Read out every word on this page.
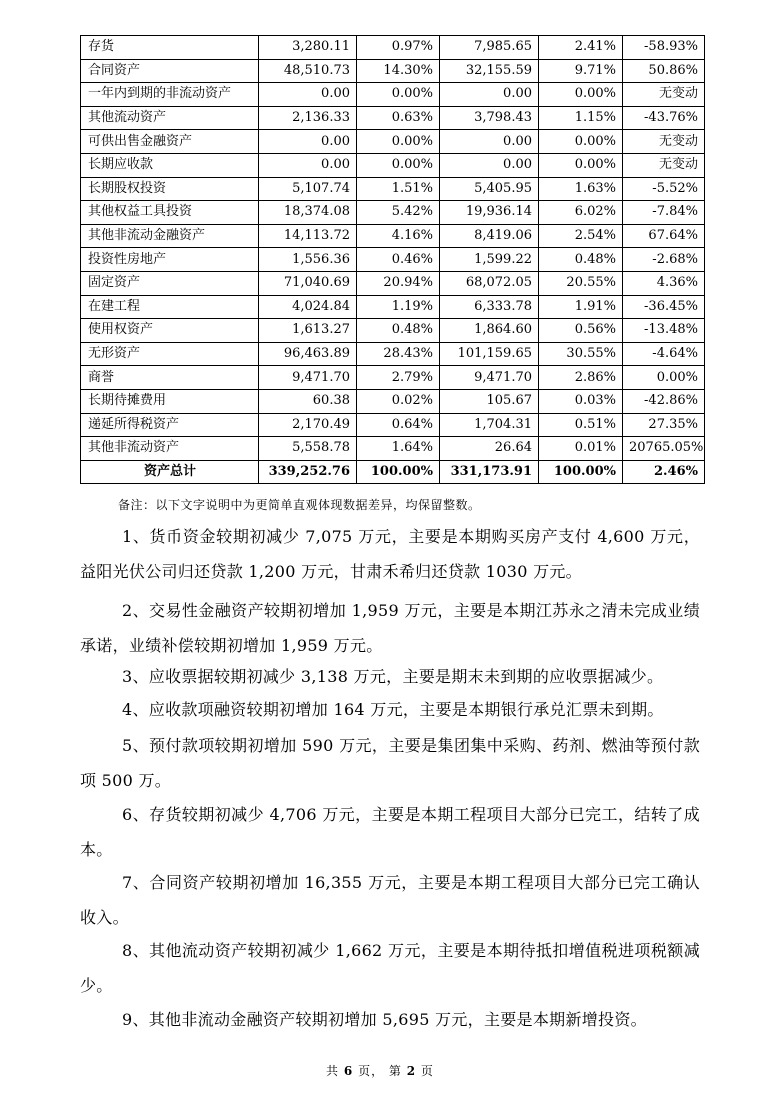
存货	3,280.11	0.97%	7,985.65	2.41%	-58.93%
合同资产	48,510.73	14.30%	32,155.59	9.71%	50.86%
一年内到期的非流动资产	0.00	0.00%	0.00	0.00%	无变动
其他流动资产	2,136.33	0.63%	3,798.43	1.15%	-43.76%
可供出售金融资产	0.00	0.00%	0.00	0.00%	无变动
长期应收款	0.00	0.00%	0.00	0.00%	无变动
长期股权投资	5,107.74	1.51%	5,405.95	1.63%	-5.52%
其他权益工具投资	18,374.08	5.42%	19,936.14	6.02%	-7.84%
其他非流动金融资产	14,113.72	4.16%	8,419.06	2.54%	67.64%
投资性房地产	1,556.36	0.46%	1,599.22	0.48%	-2.68%
固定资产	71,040.69	20.94%	68,072.05	20.55%	4.36%
在建工程	4,024.84	1.19%	6,333.78	1.91%	-36.45%
使用权资产	1,613.27	0.48%	1,864.60	0.56%	-13.48%
无形资产	96,463.89	28.43%	101,159.65	30.55%	-4.64%
商誉	9,471.70	2.79%	9,471.70	2.86%	0.00%
长期待摊费用	60.38	0.02%	105.67	0.03%	-42.86%
递延所得税资产	2,170.49	0.64%	1,704.31	0.51%	27.35%
其他非流动资产	5,558.78	1.64%	26.64	0.01%	20765.05%
资产总计	339,252.76	100.00%	331,173.91	100.00%	2.46%
备注：以下文字说明中为更简单直观体现数据差异，均保留整数。

1、货币资金较期初减少 7,075 万元，主要是本期购买房产支付 4,600 万元，益阳光伏公司归还贷款 1,200 万元，甘肃禾希归还贷款 1030 万元。

2、交易性金融资产较期初增加 1,959 万元，主要是本期江苏永之清未完成业绩承诺，业绩补偿较期初增加 1,959 万元。

3、应收票据较期初减少 3,138 万元，主要是期末未到期的应收票据减少。

4、应收款项融资较期初增加 164 万元，主要是本期银行承兑汇票未到期。

5、预付款项较期初增加 590 万元，主要是集团集中采购、药剂、燃油等预付款项 500 万。

6、存货较期初减少 4,706 万元，主要是本期工程项目大部分已完工，结转了成本。

7、合同资产较期初增加 16,355 万元，主要是本期工程项目大部分已完工确认收入。

8、其他流动资产较期初减少 1,662 万元，主要是本期待抵扣增值税进项税额减少。

9、其他非流动金融资产较期初增加 5,695 万元，主要是本期新增投资。

共 6 页， 第 2 页
